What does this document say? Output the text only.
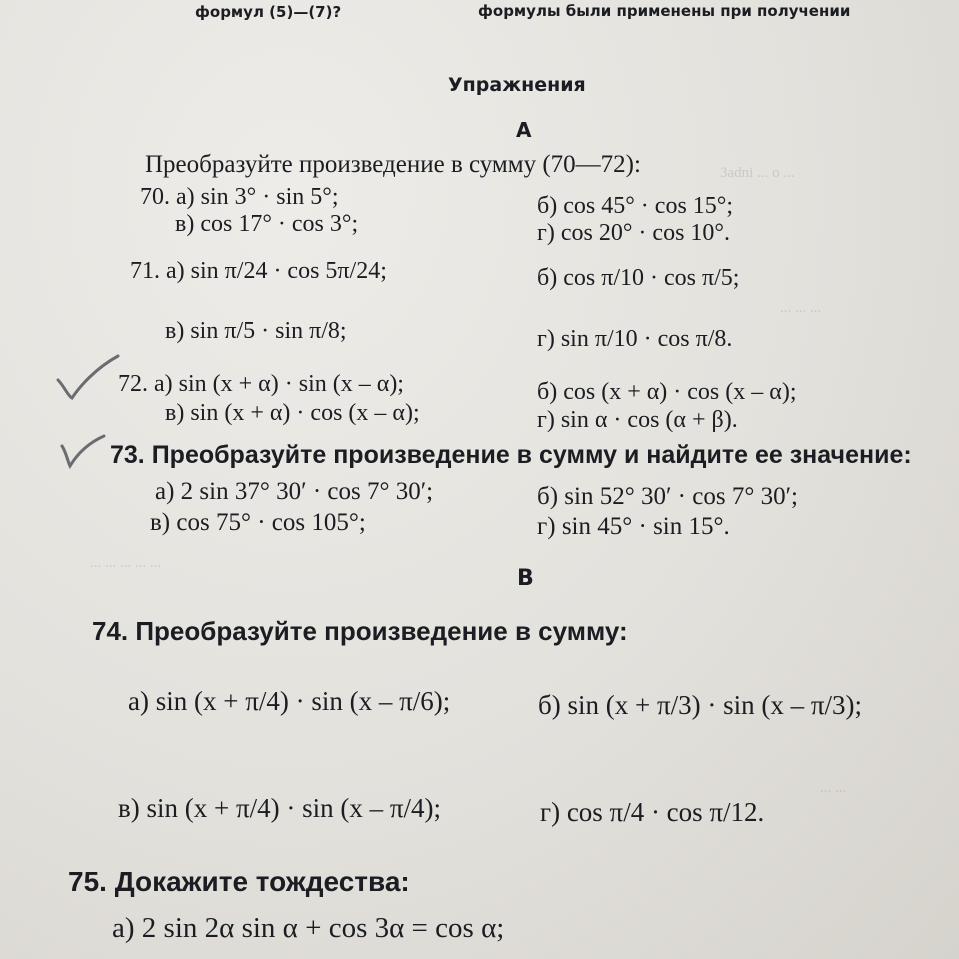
3adni ... o ...
... ... ...
... ... ... ... ...
... ...
формул (5)—(7)?	формулы были применены при получении
Упражнения
А
Преобразуйте произведение в сумму (70—72):
70. а) sin 3° · sin 5°;	б) cos 45° · cos 15°;
в) cos 17° · cos 3°;	г) cos 20° · cos 10°.
71. а) sin π/24 · cos 5π/24;	б) cos π/10 · cos π/5;
в) sin π/5 · sin π/8;	г) sin π/10 · cos π/8.
72. а) sin (x + α) · sin (x – α);	б) cos (x + α) · cos (x – α);
в) sin (x + α) · cos (x – α);	г) sin α · cos (α + β).
73. Преобразуйте произведение в сумму и найдите ее значение:
а) 2 sin 37° 30′ · cos 7° 30′;	б) sin 52° 30′ · cos 7° 30′;
в) cos 75° · cos 105°;	г) sin 45° · sin 15°.
В
74. Преобразуйте произведение в сумму:
а) sin (x + π/4) · sin (x – π/6);	б) sin (x + π/3) · sin (x – π/3);
в) sin (x + π/4) · sin (x – π/4);	г) cos π/4 · cos π/12.
75. Докажите тождества:
а) 2 sin 2α sin α + cos 3α = cos α;
